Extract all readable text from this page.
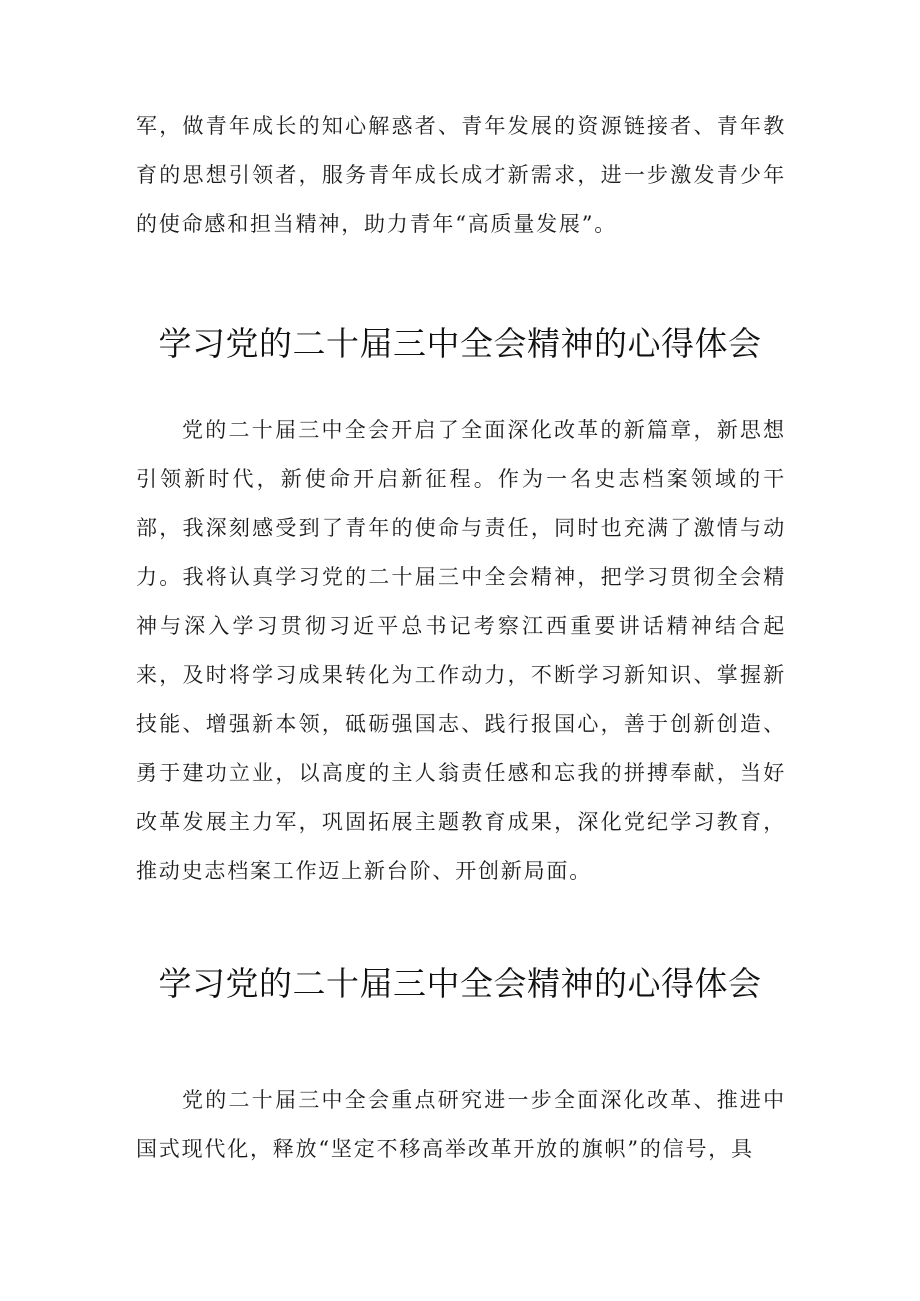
军，做青年成长的知心解惑者、青年发展的资源链接者、青年教育的思想引领者，服务青年成长成才新需求，进一步激发青少年的使命感和担当精神，助力青年“高质量发展”。

学习党的二十届三中全会精神的心得体会

党的二十届三中全会开启了全面深化改革的新篇章，新思想引领新时代，新使命开启新征程。作为一名史志档案领域的干部，我深刻感受到了青年的使命与责任，同时也充满了激情与动力。我将认真学习党的二十届三中全会精神，把学习贯彻全会精神与深入学习贯彻习近平总书记考察江西重要讲话精神结合起来，及时将学习成果转化为工作动力，不断学习新知识、掌握新技能、增强新本领，砥砺强国志、践行报国心，善于创新创造、勇于建功立业，以高度的主人翁责任感和忘我的拼搏奉献，当好改革发展主力军，巩固拓展主题教育成果，深化党纪学习教育，推动史志档案工作迈上新台阶、开创新局面。

学习党的二十届三中全会精神的心得体会

党的二十届三中全会重点研究进一步全面深化改革、推进中国式现代化，释放“坚定不移高举改革开放的旗帜”的信号，具
